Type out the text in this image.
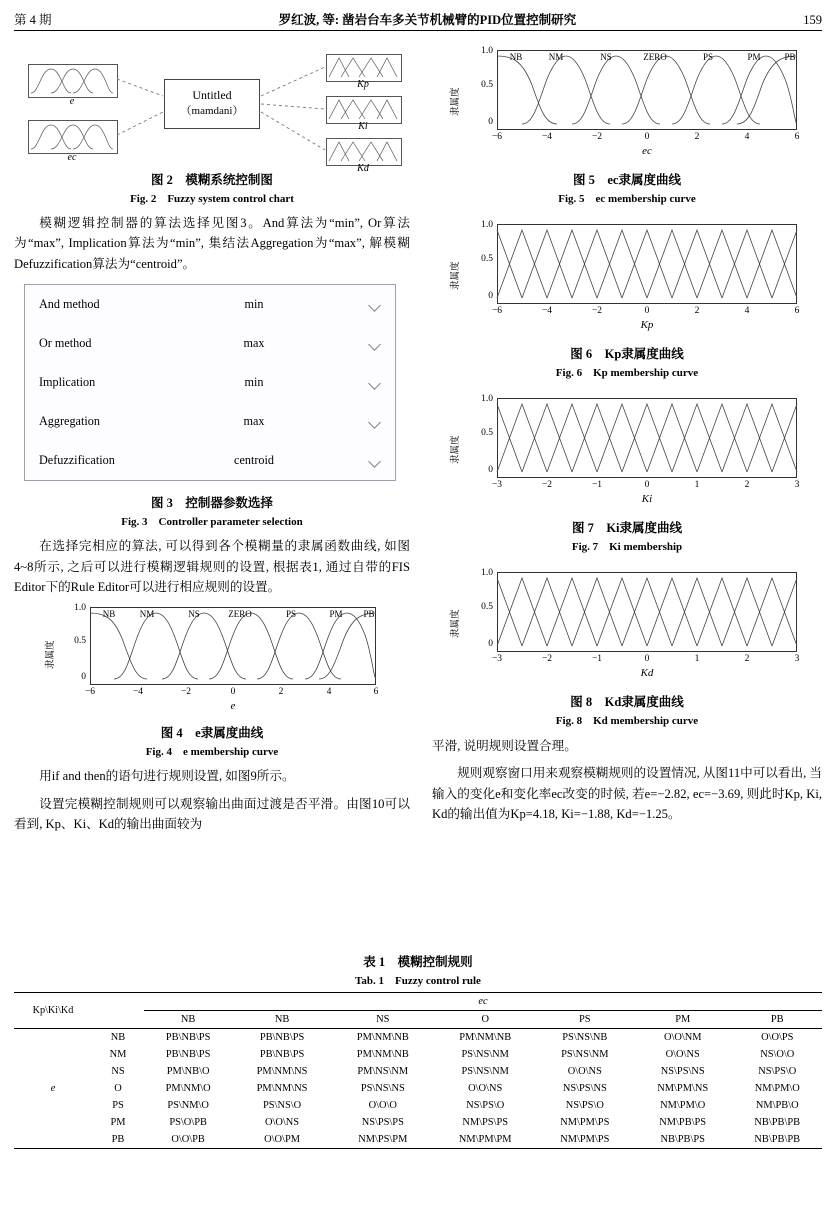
第 4 期	罗红波, 等: 凿岩台车多关节机械臂的PID位置控制研究	159
e
ec
Untitled
（mamdani）
Kp
Ki
Kd
图 2　模糊系统控制图
Fig. 2　Fuzzy system control chart

模糊逻辑控制器的算法选择见图3。And算法为“min”, Or算法为“max”, Implication算法为“min”, 集结法Aggregation为“max”, 解模糊Defuzzification算法为“centroid”。

And method	min
Or method	max
Implication	min
Aggregation	max
Defuzzification	centroid
图 3　控制器参数选择
Fig. 3　Controller parameter selection

在选择完相应的算法, 可以得到各个模糊量的隶属函数曲线, 如图4~8所示, 之后可以进行模糊逻辑规则的设置, 根据表1, 通过自带的FIS Editor下的Rule Editor可以进行相应规则的设置。

隶属度
1.0
0.5
0
NB	NM	NS	ZERO	PS	PM	PB
−6	−4	−2	0	2	4	6
e
图 4　e隶属度曲线
Fig. 4　e membership curve

用if and then的语句进行规则设置, 如图9所示。

设置完模糊控制规则可以观察输出曲面过渡是否平滑。由图10可以看到, Kp、Ki、Kd的输出曲面较为

隶属度
1.0
0.5
0
NB	NM	NS	ZERO	PS	PM	PB
−6	−4	−2	0	2	4	6
ec
图 5　ec隶属度曲线
Fig. 5　ec membership curve
隶属度
1.0
0.5
0
−6	−4	−2	0	2	4	6
Kp
图 6　Kp隶属度曲线
Fig. 6　Kp membership curve
隶属度
1.0
0.5
0
−3	−2	−1	0	1	2	3
Ki
图 7　Ki隶属度曲线
Fig. 7　Ki membership
隶属度
1.0
0.5
0
−3	−2	−1	0	1	2	3
Kd
图 8　Kd隶属度曲线
Fig. 8　Kd membership curve

平滑, 说明规则设置合理。

规则观察窗口用来观察模糊规则的设置情况, 从图11中可以看出, 当输入的变化e和变化率ec改变的时候, 若e=−2.82, ec=−3.69, 则此时Kp, Ki, Kd的输出值为Kp=4.18, Ki=−1.88, Kd=−1.25。

表 1　模糊控制规则
Tab. 1　Fuzzy control rule
Kp\Ki\Kd		ec						
		NB	NB	NS	O	PS	PM	PB
e	NB	PB\NB\PS	PB\NB\PS	PM\NM\NB	PM\NM\NB	PS\NS\NB	O\O\NM	O\O\PS
	NM	PB\NB\PS	PB\NB\PS	PM\NM\NB	PS\NS\NM	PS\NS\NM	O\O\NS	NS\O\O
	NS	PM\NB\O	PM\NM\NS	PM\NS\NM	PS\NS\NM	O\O\NS	NS\PS\NS	NS\PS\O
	O	PM\NM\O	PM\NM\NS	PS\NS\NS	O\O\NS	NS\PS\NS	NM\PM\NS	NM\PM\O
	PS	PS\NM\O	PS\NS\O	O\O\O	NS\PS\O	NS\PS\O	NM\PM\O	NM\PB\O
	PM	PS\O\PB	O\O\NS	NS\PS\PS	NM\PS\PS	NM\PM\PS	NM\PB\PS	NB\PB\PB
	PB	O\O\PB	O\O\PM	NM\PS\PM	NM\PM\PM	NM\PM\PS	NB\PB\PS	NB\PB\PB
